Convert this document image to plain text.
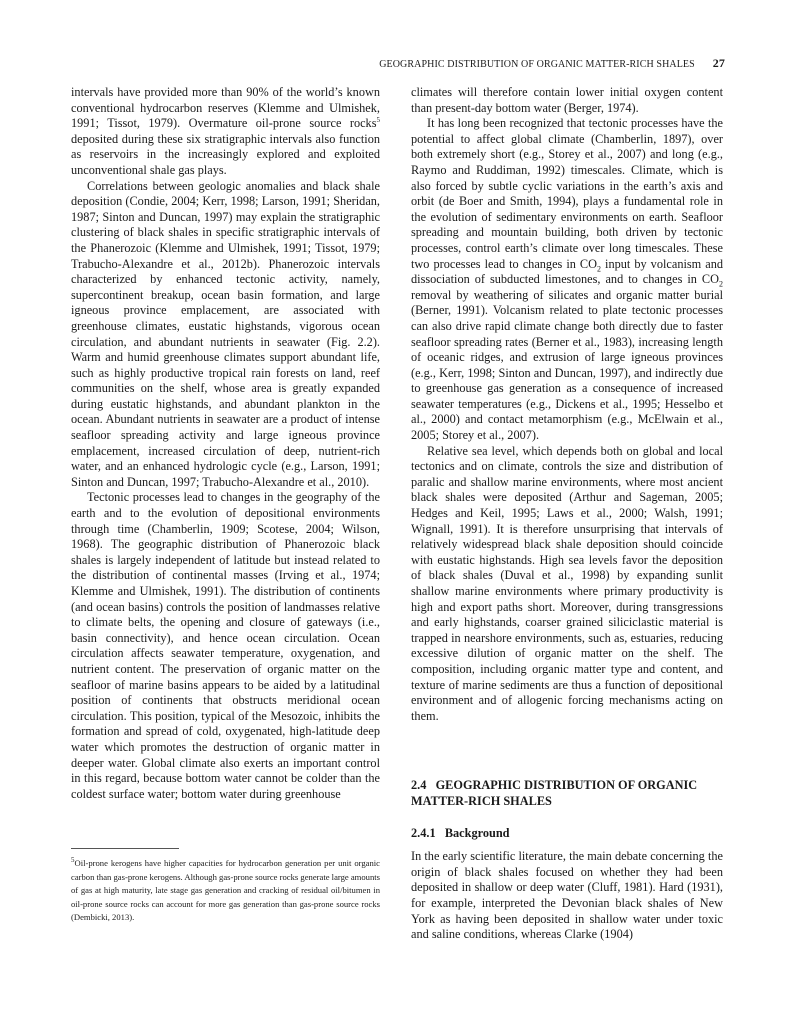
GEOGRAPHIC DISTRIBUTION OF ORGANIC MATTER-RICH SHALES 27

intervals have provided more than 90% of the world’s known conventional hydrocarbon reserves (Klemme and Ulmishek, 1991; Tissot, 1979). Overmature oil-prone source rocks$^5$ deposited during these six stratigraphic intervals also function as reservoirs in the increasingly explored and exploited unconventional shale gas plays.

Correlations between geologic anomalies and black shale deposition (Condie, 2004; Kerr, 1998; Larson, 1991; Sheridan, 1987; Sinton and Duncan, 1997) may explain the stratigraphic clustering of black shales in specific stratigraphic intervals of the Phanerozoic (Klemme and Ulmishek, 1991; Tissot, 1979; Trabucho-Alexandre et al., 2012b). Phanerozoic intervals characterized by enhanced tectonic activity, namely, supercontinent breakup, ocean basin formation, and large igneous province emplacement, are associated with greenhouse climates, eustatic highstands, vigorous ocean circulation, and abundant nutrients in seawater (Fig. 2.2). Warm and humid greenhouse climates support abundant life, such as highly productive tropical rain forests on land, reef communities on the shelf, whose area is greatly expanded during eustatic highstands, and abundant plankton in the ocean. Abundant nutrients in seawater are a product of intense seafloor spreading activity and large igneous province emplacement, increased circulation of deep, nutrient-rich water, and an enhanced hydrologic cycle (e.g., Larson, 1991; Sinton and Duncan, 1997; Trabucho-Alexandre et al., 2010).

Tectonic processes lead to changes in the geography of the earth and to the evolution of depositional environments through time (Chamberlin, 1909; Scotese, 2004; Wilson, 1968). The geographic distribution of Phanerozoic black shales is largely independent of latitude but instead related to the distribution of continental masses (Irving et al., 1974; Klemme and Ulmishek, 1991). The distribution of continents (and ocean basins) controls the position of landmasses relative to climate belts, the opening and closure of gateways (i.e., basin connectivity), and hence ocean circulation. Ocean circulation affects seawater temperature, oxygenation, and nutrient content. The preservation of organic matter on the seafloor of marine basins appears to be aided by a latitudinal position of continents that obstructs meridional ocean circulation. This position, typical of the Mesozoic, inhibits the formation and spread of cold, oxygenated, high-latitude deep water which promotes the destruction of organic matter in deeper water. Global climate also exerts an important control in this regard, because bottom water cannot be colder than the coldest surface water; bottom water during greenhouse

$^5$Oil-prone kerogens have higher capacities for hydrocarbon generation per unit organic carbon than gas-prone kerogens. Although gas-prone source rocks generate large amounts of gas at high maturity, late stage gas generation and cracking of residual oil/bitumen in oil-prone source rocks can account for more gas generation than gas-prone source rocks (Dembicki, 2013).

climates will therefore contain lower initial oxygen content than present-day bottom water (Berger, 1974).

It has long been recognized that tectonic processes have the potential to affect global climate (Chamberlin, 1897), over both extremely short (e.g., Storey et al., 2007) and long (e.g., Raymo and Ruddiman, 1992) timescales. Climate, which is also forced by subtle cyclic variations in the earth’s axis and orbit (de Boer and Smith, 1994), plays a fundamental role in the evolution of sedimentary environments on earth. Seafloor spreading and mountain building, both driven by tectonic processes, control earth’s climate over long timescales. These two processes lead to changes in $CO_2$ input by volcanism and dissociation of subducted limestones, and to changes in $CO_2$ removal by weathering of silicates and organic matter burial (Berner, 1991). Volcanism related to plate tectonic processes can also drive rapid climate change both directly due to faster seafloor spreading rates (Berner et al., 1983), increasing length of oceanic ridges, and extrusion of large igneous provinces (e.g., Kerr, 1998; Sinton and Duncan, 1997), and indirectly due to greenhouse gas generation as a consequence of increased seawater temperatures (e.g., Dickens et al., 1995; Hesselbo et al., 2000) and contact metamorphism (e.g., McElwain et al., 2005; Storey et al., 2007).

Relative sea level, which depends both on global and local tectonics and on climate, controls the size and distribution of paralic and shallow marine environments, where most ancient black shales were deposited (Arthur and Sageman, 2005; Hedges and Keil, 1995; Laws et al., 2000; Walsh, 1991; Wignall, 1991). It is therefore unsurprising that intervals of relatively widespread black shale deposition should coincide with eustatic highstands. High sea levels favor the deposition of black shales (Duval et al., 1998) by expanding sunlit shallow marine environments where primary productivity is high and export paths short. Moreover, during transgressions and early highstands, coarser grained siliciclastic material is trapped in nearshore environments, such as, estuaries, reducing excessive dilution of organic matter on the shelf. The composition, including organic matter type and content, and texture of marine sediments are thus a function of depositional environment and of allogenic forcing mechanisms acting on them.

2.4 GEOGRAPHIC DISTRIBUTION OF ORGANIC MATTER-RICH SHALES
2.4.1 Background

In the early scientific literature, the main debate concerning the origin of black shales focused on whether they had been deposited in shallow or deep water (Cluff, 1981). Hard (1931), for example, interpreted the Devonian black shales of New York as having been deposited in shallow water under toxic and saline conditions, whereas Clarke (1904)
